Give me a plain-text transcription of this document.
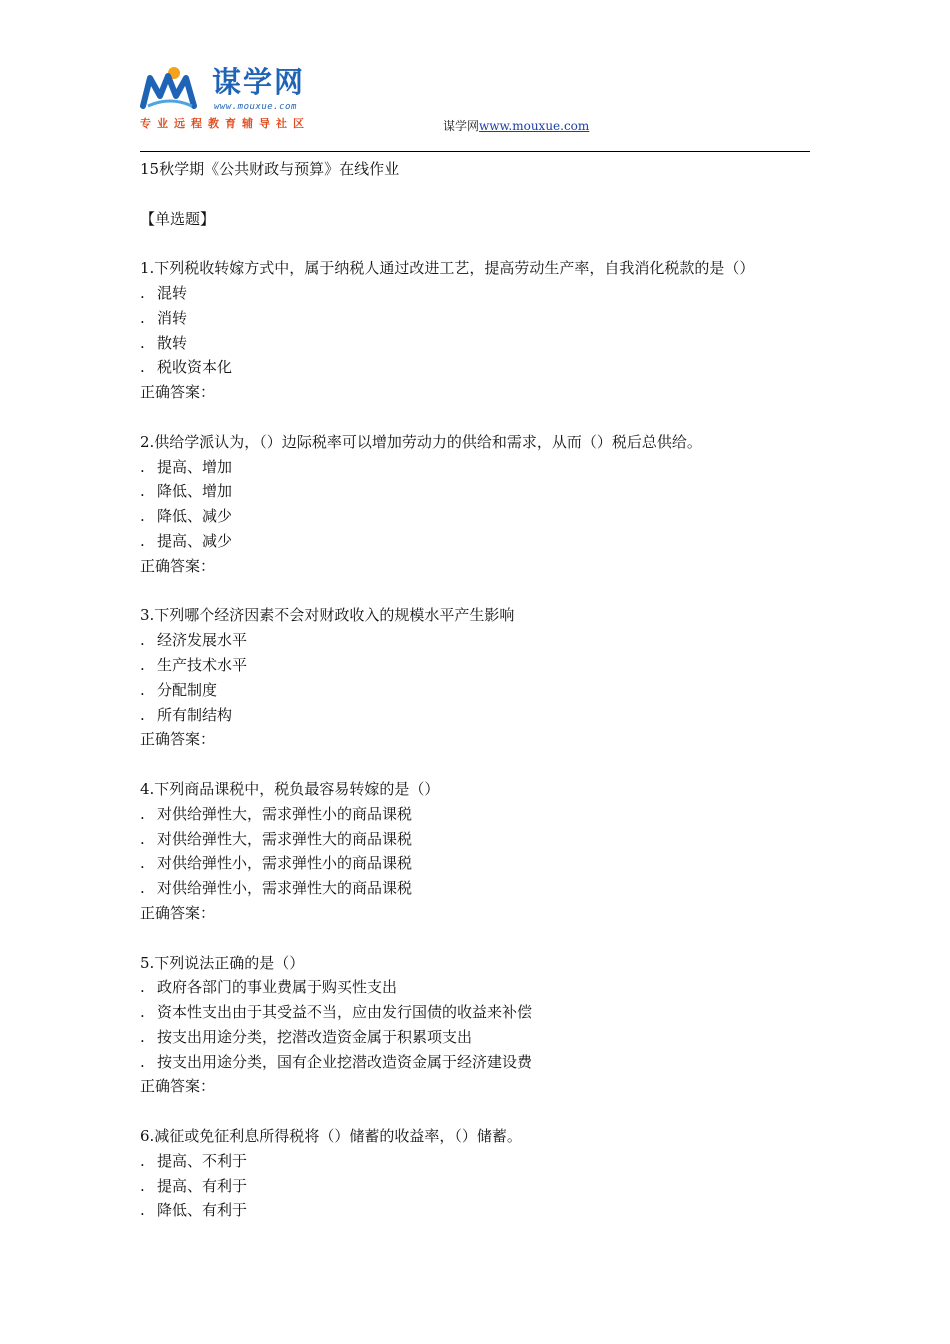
谋学网
www.mouxue.com
专业远程教育辅导社区	谋学网www.mouxue.com
15秋学期《公共财政与预算》在线作业
【单选题】
1.下列税收转嫁方式中，属于纳税人通过改进工艺，提高劳动生产率，自我消化税款的是（）
. 混转
. 消转
. 散转
. 税收资本化
正确答案：
2.供给学派认为，（）边际税率可以增加劳动力的供给和需求，从而（）税后总供给。
. 提高、增加
. 降低、增加
. 降低、减少
. 提高、减少
正确答案：
3.下列哪个经济因素不会对财政收入的规模水平产生影响
. 经济发展水平
. 生产技术水平
. 分配制度
. 所有制结构
正确答案：
4.下列商品课税中，税负最容易转嫁的是（）
. 对供给弹性大，需求弹性小的商品课税
. 对供给弹性大，需求弹性大的商品课税
. 对供给弹性小，需求弹性小的商品课税
. 对供给弹性小，需求弹性大的商品课税
正确答案：
5.下列说法正确的是（）
. 政府各部门的事业费属于购买性支出
. 资本性支出由于其受益不当，应由发行国债的收益来补偿
. 按支出用途分类，挖潜改造资金属于积累项支出
. 按支出用途分类，国有企业挖潜改造资金属于经济建设费
正确答案：
6.减征或免征利息所得税将（）储蓄的收益率，（）储蓄。
. 提高、不利于
. 提高、有利于
. 降低、有利于
